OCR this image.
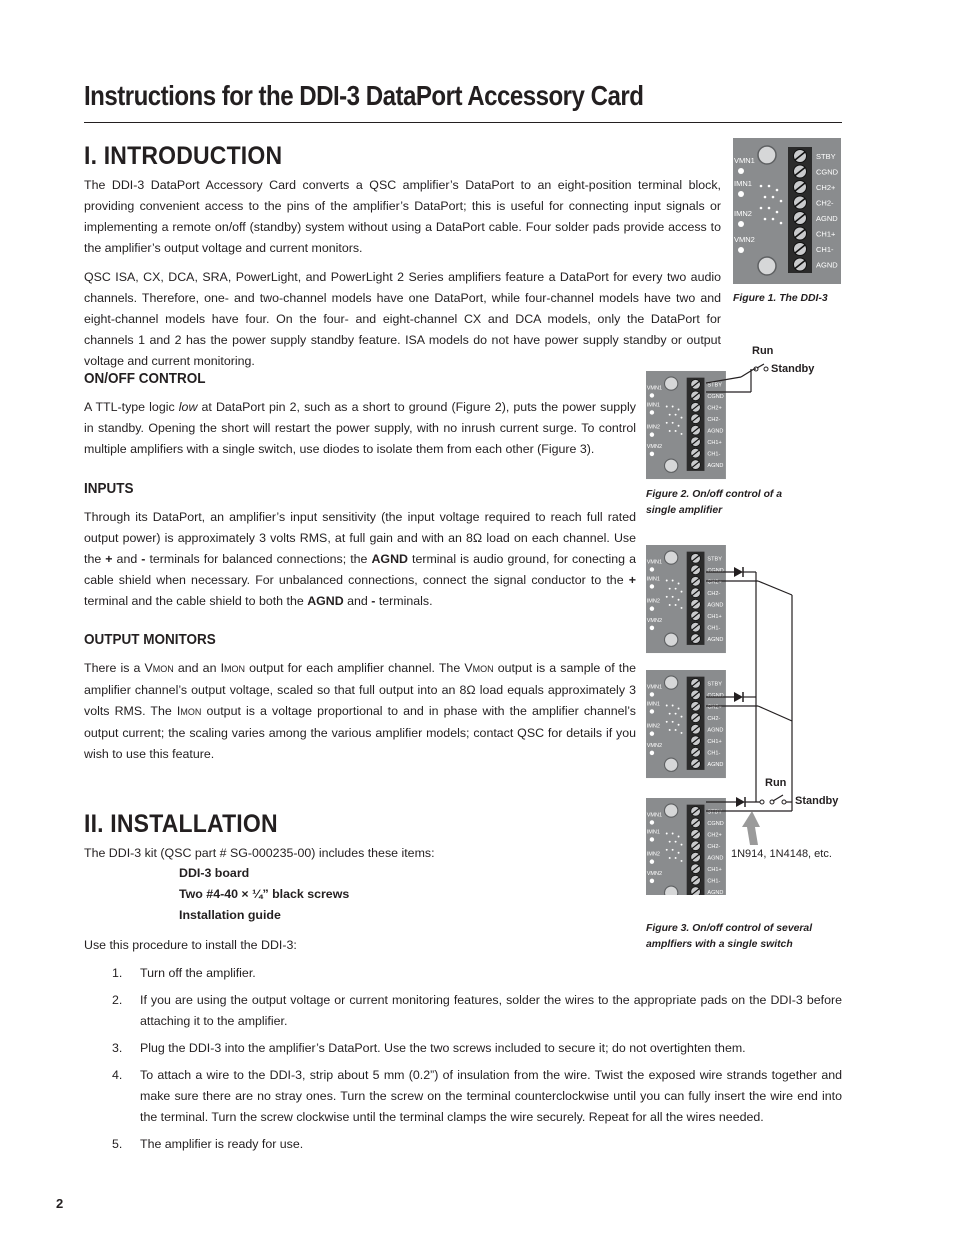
Instructions for the DDI-3 DataPort Accessory Card
I. INTRODUCTION

The DDI-3 DataPort Accessory Card converts a QSC amplifier’s DataPort to an eight-position terminal block, providing convenient access to the pins of the amplifier’s DataPort; this is useful for connecting input signals or implementing a remote on/off (standby) system without using a DataPort cable. Four solder pads provide access to the amplifier’s output voltage and current monitors.

QSC ISA, CX, DCA, SRA, PowerLight, and PowerLight 2 Series amplifiers feature a DataPort for every two audio channels. Therefore, one- and two-channel models have one DataPort, while four-channel models have two and eight-channel models have four. On the four- and eight-channel CX and DCA models, only the DataPort for channels 1 and 2 has the power supply standby feature. ISA models do not have power supply standby or output voltage and current monitoring.

ON/OFF CONTROL

A TTL-type logic low at DataPort pin 2, such as a short to ground (Figure 2), puts the power supply in standby. Opening the short will restart the power supply, with no inrush current surge. To control multiple amplifiers with a single switch, use diodes to isolate them from each other (Figure 3).

INPUTS

Through its DataPort, an amplifier’s input sensitivity (the input voltage required to reach full rated output power) is approximately 3 volts RMS, at full gain and with an 8Ω load on each channel. Use the + and - terminals for balanced connections; the AGND terminal is audio ground, for conecting a cable shield when necessary. For unbalanced connections, connect the signal conductor to the + terminal and the cable shield to both the AGND and - terminals.

OUTPUT MONITORS

There is a VMON and an IMON output for each amplifier channel. The VMON output is a sample of the amplifier channel’s output voltage, scaled so that full output into an 8Ω load equals approximately 3 volts RMS. The IMON output is a voltage proportional to and in phase with the amplifier channel’s output current; the scaling varies among the various amplifier models; contact QSC for details if you wish to use this feature.

II. INSTALLATION

The DDI-3 kit (QSC part # SG-000235-00) includes these items:

DDI-3 board

Two #4-40 × ¼” black screws

Installation guide

Use this procedure to install the DDI-3:

1. Turn off the amplifier.
2. If you are using the output voltage or current monitoring features, solder the wires to the appropriate pads on the DDI-3 before attaching it to the amplifier.
3. Plug the DDI-3 into the amplifier’s DataPort. Use the two screws included to secure it; do not overtighten them.
4. To attach a wire to the DDI-3, strip about 5 mm (0.2”) of insulation from the wire. Twist the exposed wire strands together and make sure there are no stray ones. Turn the screw on the terminal counterclockwise until you can fully insert the wire end into the terminal. Turn the screw clockwise until the terminal clamps the wire securely. Repeat for all the wires needed.
5. The amplifier is ready for use.
2
VMN1
IMN1
IMN2
VMN2
STBY
CGND
CH2+
CH2-
AGND
CH1+
CH1-
AGND

Figure 1. The DDI-3

VMN1
IMN1
IMN2
VMN2
STBY
CGND
CH2+
CH2-
AGND
CH1+
CH1-
AGND
Run
Standby

Figure 2. On/off control of a single amplifier

VMN1
IMN1
IMN2
VMN2
STBY
CGND
CH2+
CH2-
AGND
CH1+
CH1-
AGND
VMN1
IMN1
IMN2
VMN2
STBY
CGND
CH2+
CH2-
AGND
CH1+
CH1-
AGND
VMN1
IMN1
IMN2
VMN2
STBY
CGND
CH2+
CH2-
AGND
CH1+
CH1-
AGND
Run
Standby
1N914, 1N4148, etc.

Figure 3. On/off control of several amplfiers with a single switch
